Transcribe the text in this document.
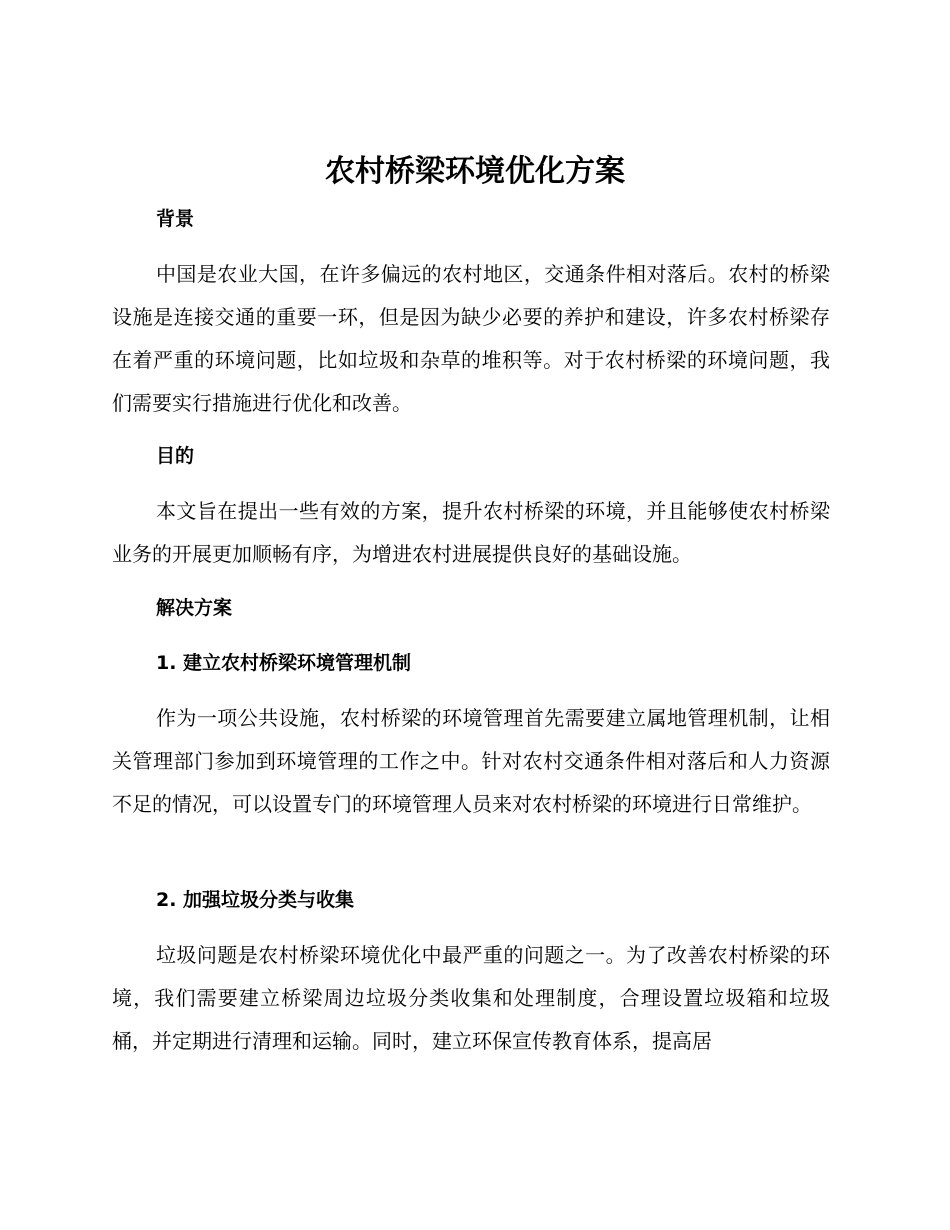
农村桥梁环境优化方案
背景

中国是农业大国，在许多偏远的农村地区，交通条件相对落后。农村的桥梁设施是连接交通的重要一环，但是因为缺少必要的养护和建设，许多农村桥梁存在着严重的环境问题，比如垃圾和杂草的堆积等。对于农村桥梁的环境问题，我们需要实行措施进行优化和改善。

目的

本文旨在提出一些有效的方案，提升农村桥梁的环境，并且能够使农村桥梁业务的开展更加顺畅有序，为增进农村进展提供良好的基础设施。

解决方案
1. 建立农村桥梁环境管理机制

作为一项公共设施，农村桥梁的环境管理首先需要建立属地管理机制，让相关管理部门参加到环境管理的工作之中。针对农村交通条件相对落后和人力资源不足的情况，可以设置专门的环境管理人员来对农村桥梁的环境进行日常维护。

2. 加强垃圾分类与收集

垃圾问题是农村桥梁环境优化中最严重的问题之一。为了改善农村桥梁的环境，我们需要建立桥梁周边垃圾分类收集和处理制度，合理设置垃圾箱和垃圾桶，并定期进行清理和运输。同时，建立环保宣传教育体系，提高居
